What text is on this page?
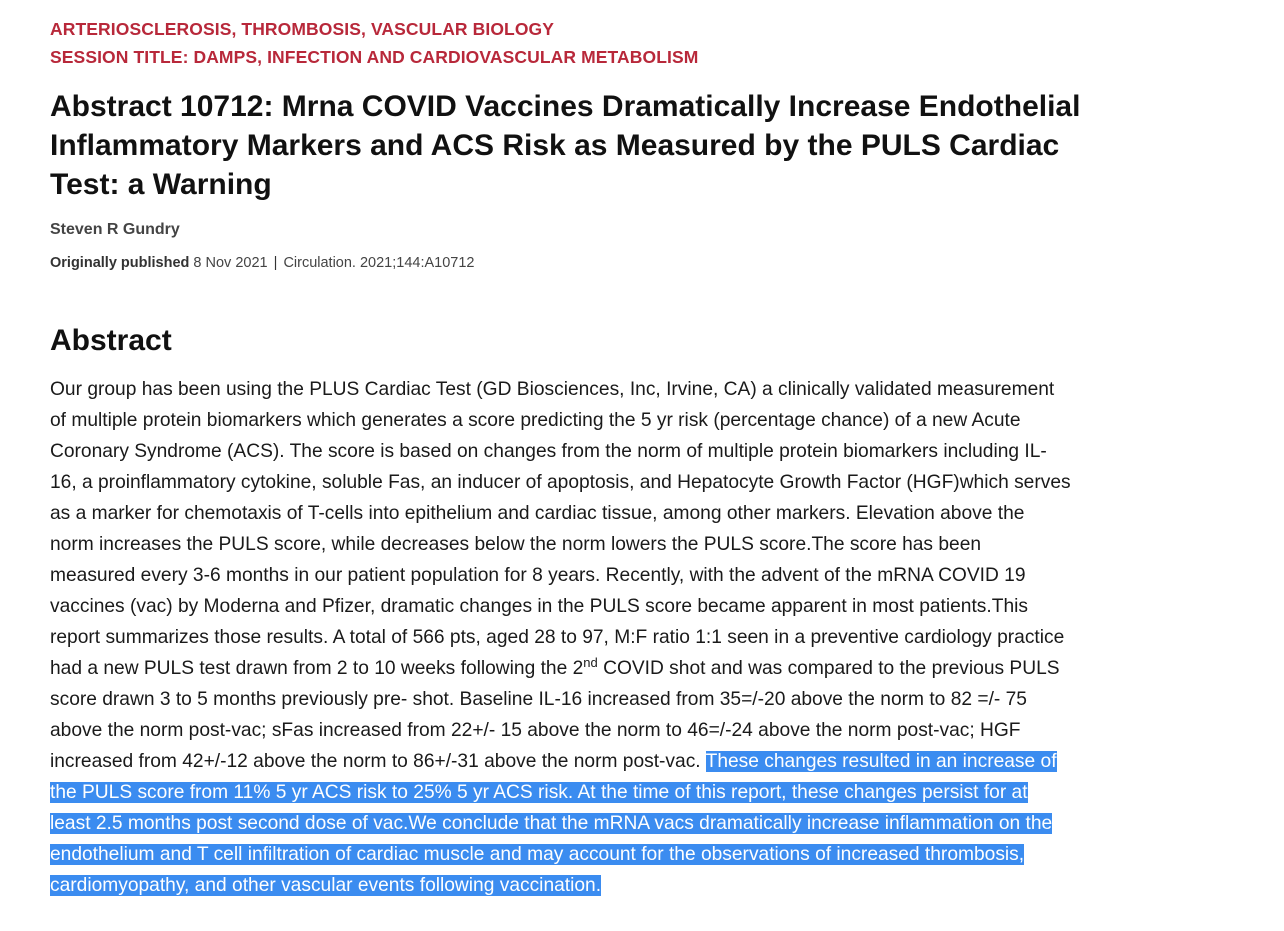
ARTERIOSCLEROSIS, THROMBOSIS, VASCULAR BIOLOGY
SESSION TITLE: DAMPS, INFECTION AND CARDIOVASCULAR METABOLISM
Abstract 10712: Mrna COVID Vaccines Dramatically Increase Endothelial
Inflammatory Markers and ACS Risk as Measured by the PULS Cardiac
Test: a Warning
Steven R Gundry
Originally published 8 Nov 2021 | Circulation. 2021;144:A10712
Abstract
Our group has been using the PLUS Cardiac Test (GD Biosciences, Inc, Irvine, CA) a clinically validated measurement
of multiple protein biomarkers which generates a score predicting the 5 yr risk (percentage chance) of a new Acute
Coronary Syndrome (ACS). The score is based on changes from the norm of multiple protein biomarkers including IL-
16, a proinflammatory cytokine, soluble Fas, an inducer of apoptosis, and Hepatocyte Growth Factor (HGF)which serves
as a marker for chemotaxis of T-cells into epithelium and cardiac tissue, among other markers. Elevation above the
norm increases the PULS score, while decreases below the norm lowers the PULS score.The score has been
measured every 3-6 months in our patient population for 8 years. Recently, with the advent of the mRNA COVID 19
vaccines (vac) by Moderna and Pfizer, dramatic changes in the PULS score became apparent in most patients.This
report summarizes those results. A total of 566 pts, aged 28 to 97, M:F ratio 1:1 seen in a preventive cardiology practice
had a new PULS test drawn from 2 to 10 weeks following the 2nd COVID shot and was compared to the previous PULS
score drawn 3 to 5 months previously pre- shot. Baseline IL-16 increased from 35=/-20 above the norm to 82 =/- 75
above the norm post-vac; sFas increased from 22+/- 15 above the norm to 46=/-24 above the norm post-vac; HGF
increased from 42+/-12 above the norm to 86+/-31 above the norm post-vac. These changes resulted in an increase of
the PULS score from 11% 5 yr ACS risk to 25% 5 yr ACS risk. At the time of this report, these changes persist for at
least 2.5 months post second dose of vac.We conclude that the mRNA vacs dramatically increase inflammation on the
endothelium and T cell infiltration of cardiac muscle and may account for the observations of increased thrombosis,
cardiomyopathy, and other vascular events following vaccination.
